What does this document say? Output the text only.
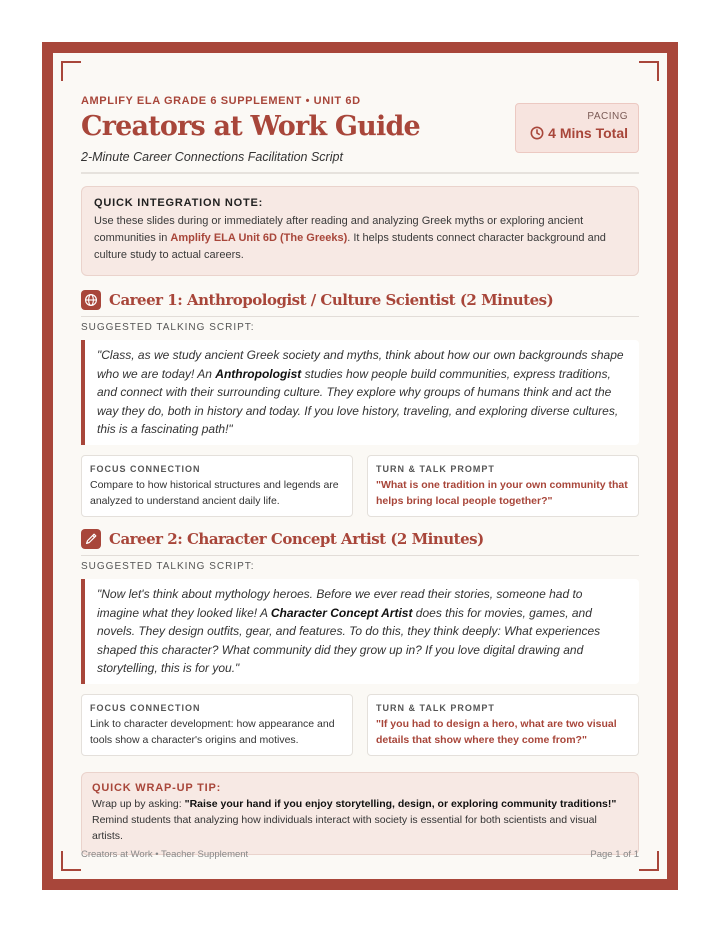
AMPLIFY ELA GRADE 6 SUPPLEMENT • UNIT 6D

Creators at Work Guide

2-Minute Career Connections Facilitation Script

PACING
4 Mins Total
QUICK INTEGRATION NOTE:
Use these slides during or immediately after reading and analyzing Greek myths or exploring ancient communities in Amplify ELA Unit 6D (The Greeks). It helps students connect character background and culture study to actual careers.
Career 1: Anthropologist / Culture Scientist (2 Minutes)
SUGGESTED TALKING SCRIPT:
"Class, as we study ancient Greek society and myths, think about how our own backgrounds shape who we are today! An Anthropologist studies how people build communities, express traditions, and connect with their surrounding culture. They explore why groups of humans think and act the way they do, both in history and today. If you love history, traveling, and exploring diverse cultures, this is a fascinating path!"
FOCUS CONNECTION
Compare to how historical structures and legends are analyzed to understand ancient daily life.
TURN & TALK PROMPT
"What is one tradition in your own community that helps bring local people together?"
Career 2: Character Concept Artist (2 Minutes)
SUGGESTED TALKING SCRIPT:
"Now let's think about mythology heroes. Before we ever read their stories, someone had to imagine what they looked like! A Character Concept Artist does this for movies, games, and novels. They design outfits, gear, and features. To do this, they think deeply: What experiences shaped this character? What community did they grow up in? If you love digital drawing and storytelling, this is for you."
FOCUS CONNECTION
Link to character development: how appearance and tools show a character's origins and motives.
TURN & TALK PROMPT
"If you had to design a hero, what are two visual details that show where they come from?"
QUICK WRAP-UP TIP:
Wrap up by asking: "Raise your hand if you enjoy storytelling, design, or exploring community traditions!" Remind students that analyzing how individuals interact with society is essential for both scientists and visual artists.
Creators at Work • Teacher Supplement	Page 1 of 1
